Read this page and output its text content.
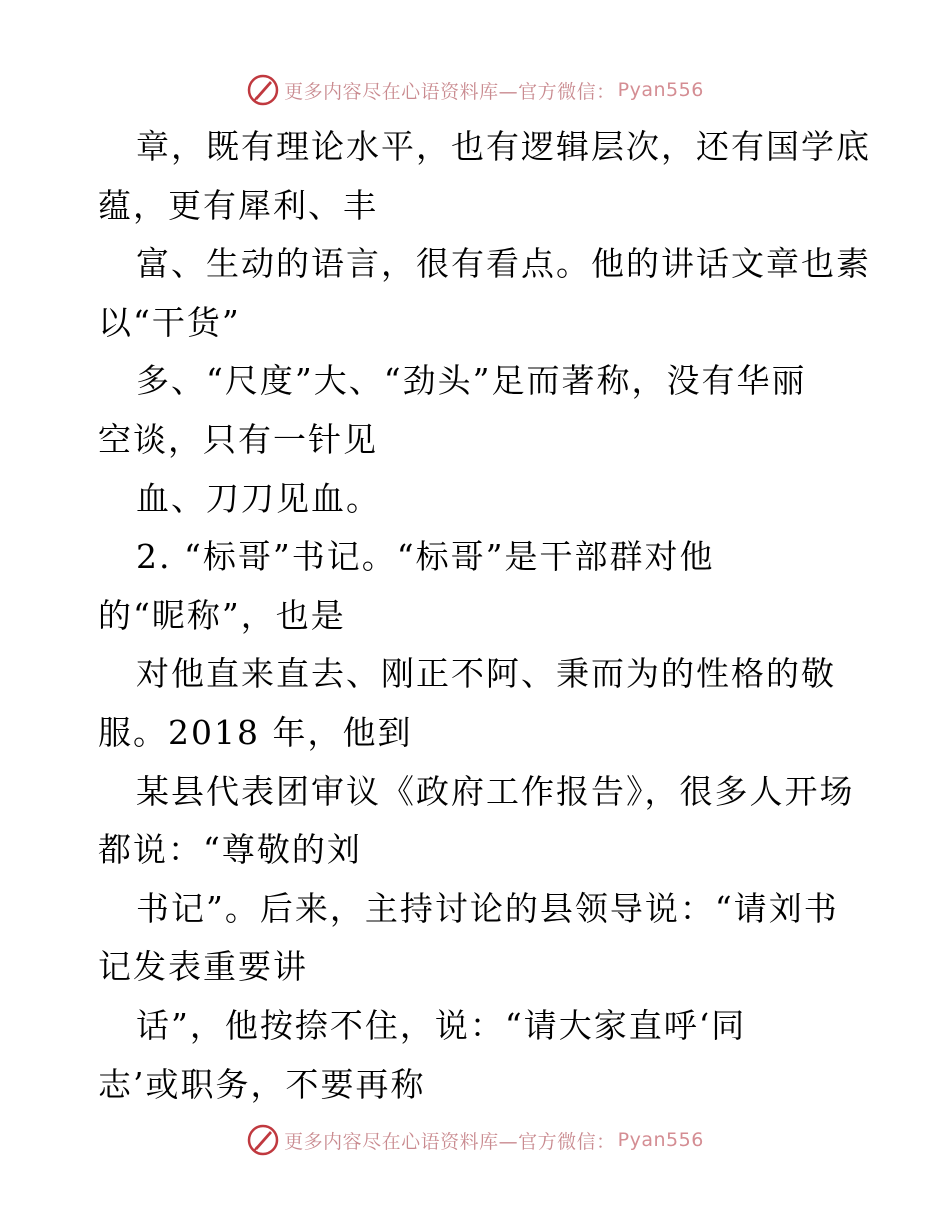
更多内容尽在心语资料库—官方微信： Pyan556
章，既有理论水平，也有逻辑层次，还有国学底
蕴，更有犀利、丰
富、生动的语言，很有看点。他的讲话文章也素
以“干货”
多、“尺度”大、“劲头”足而著称，没有华丽
空谈，只有一针见
血、刀刀见血。
2. “标哥”书记。“标哥”是干部群对他
的“昵称”，也是
对他直来直去、刚正不阿、秉而为的性格的敬
服。2018 年，他到
某县代表团审议《政府工作报告》，很多人开场
都说：“尊敬的刘
书记”。后来，主持讨论的县领导说：“请刘书
记发表重要讲
话”，他按捺不住，说：“请大家直呼‘同
志’或职务，不要再称
更多内容尽在心语资料库—官方微信： Pyan556
